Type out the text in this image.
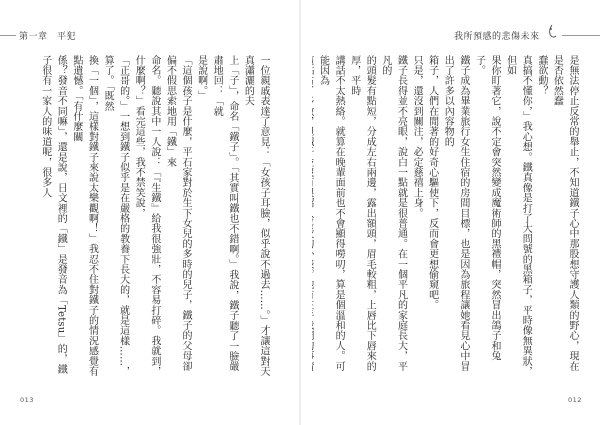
第一章　平犯

一位親戚表達了意見：「女孩子耳臉，似乎說不過去……。」才讓這對天真瀟灑的夫

上「子」，命名「鐵子」。「其實叫鐵也不錯啊。」我說，鐵子聽了一臉嚴肅地回：「就

是說啊。」

「這個孩子是什麼，平石家對於生下女兒的多時的兒子，鐵子的父母卻偏不假思索地用「鐵」來

命名。聽說其中一人說：「『生鐵』給我很強壯，不容易打碎。我就到，什麼啊？」看完這些，我不禁笑說，

「正哥的。」一想到鐵子似乎是在嚴格的教養下長大的，就是這樣……，算了。「既然

換「一個」，這樣對鐵子來說太樂觀啊！」我忍不住對鐵子的情況感覺有點遺憾。「有什麼關

係？發音不同嘛」，還是說，日文裡的「鐵」是發音為「Tetsu」的，鐵子很有一家人的味道呢，很多人

013
我所預感的悲傷未來

是無法停止反常的舉止，不知道鐵子心中那股想守護人類的野心，現在是否依然蠢

蠢欲動？

真搞不懂你，」我心想。鐵真像是打了大問號的黑箱子，平時像無異狀，但如

果你盯著它，說不定會突然變成魔術師的黑禮帽，突然冒出鴿子和兔子。

鐵子成為畢業旅行女生住宿的房間目標，也是因為旅程讓她看見心中冒出了許多以內容物的

箱子，人們在閒著的好奇心驅使下，反而會更想偷窺吧。

只是，還沒到關注，必定慈禧上身。

鐵子長得並不亮眼，說白一點就是很普通。在一個平凡的家庭長大，平凡的

的頭髮有點短，分成左右兩邊，露出額頭，眉毛較粗，上唇比下唇來的厚，平時

講話不太熱絡。就算在晚輩面前也不會顯得嘮叨，算是個溫和的人。可能因為

012
